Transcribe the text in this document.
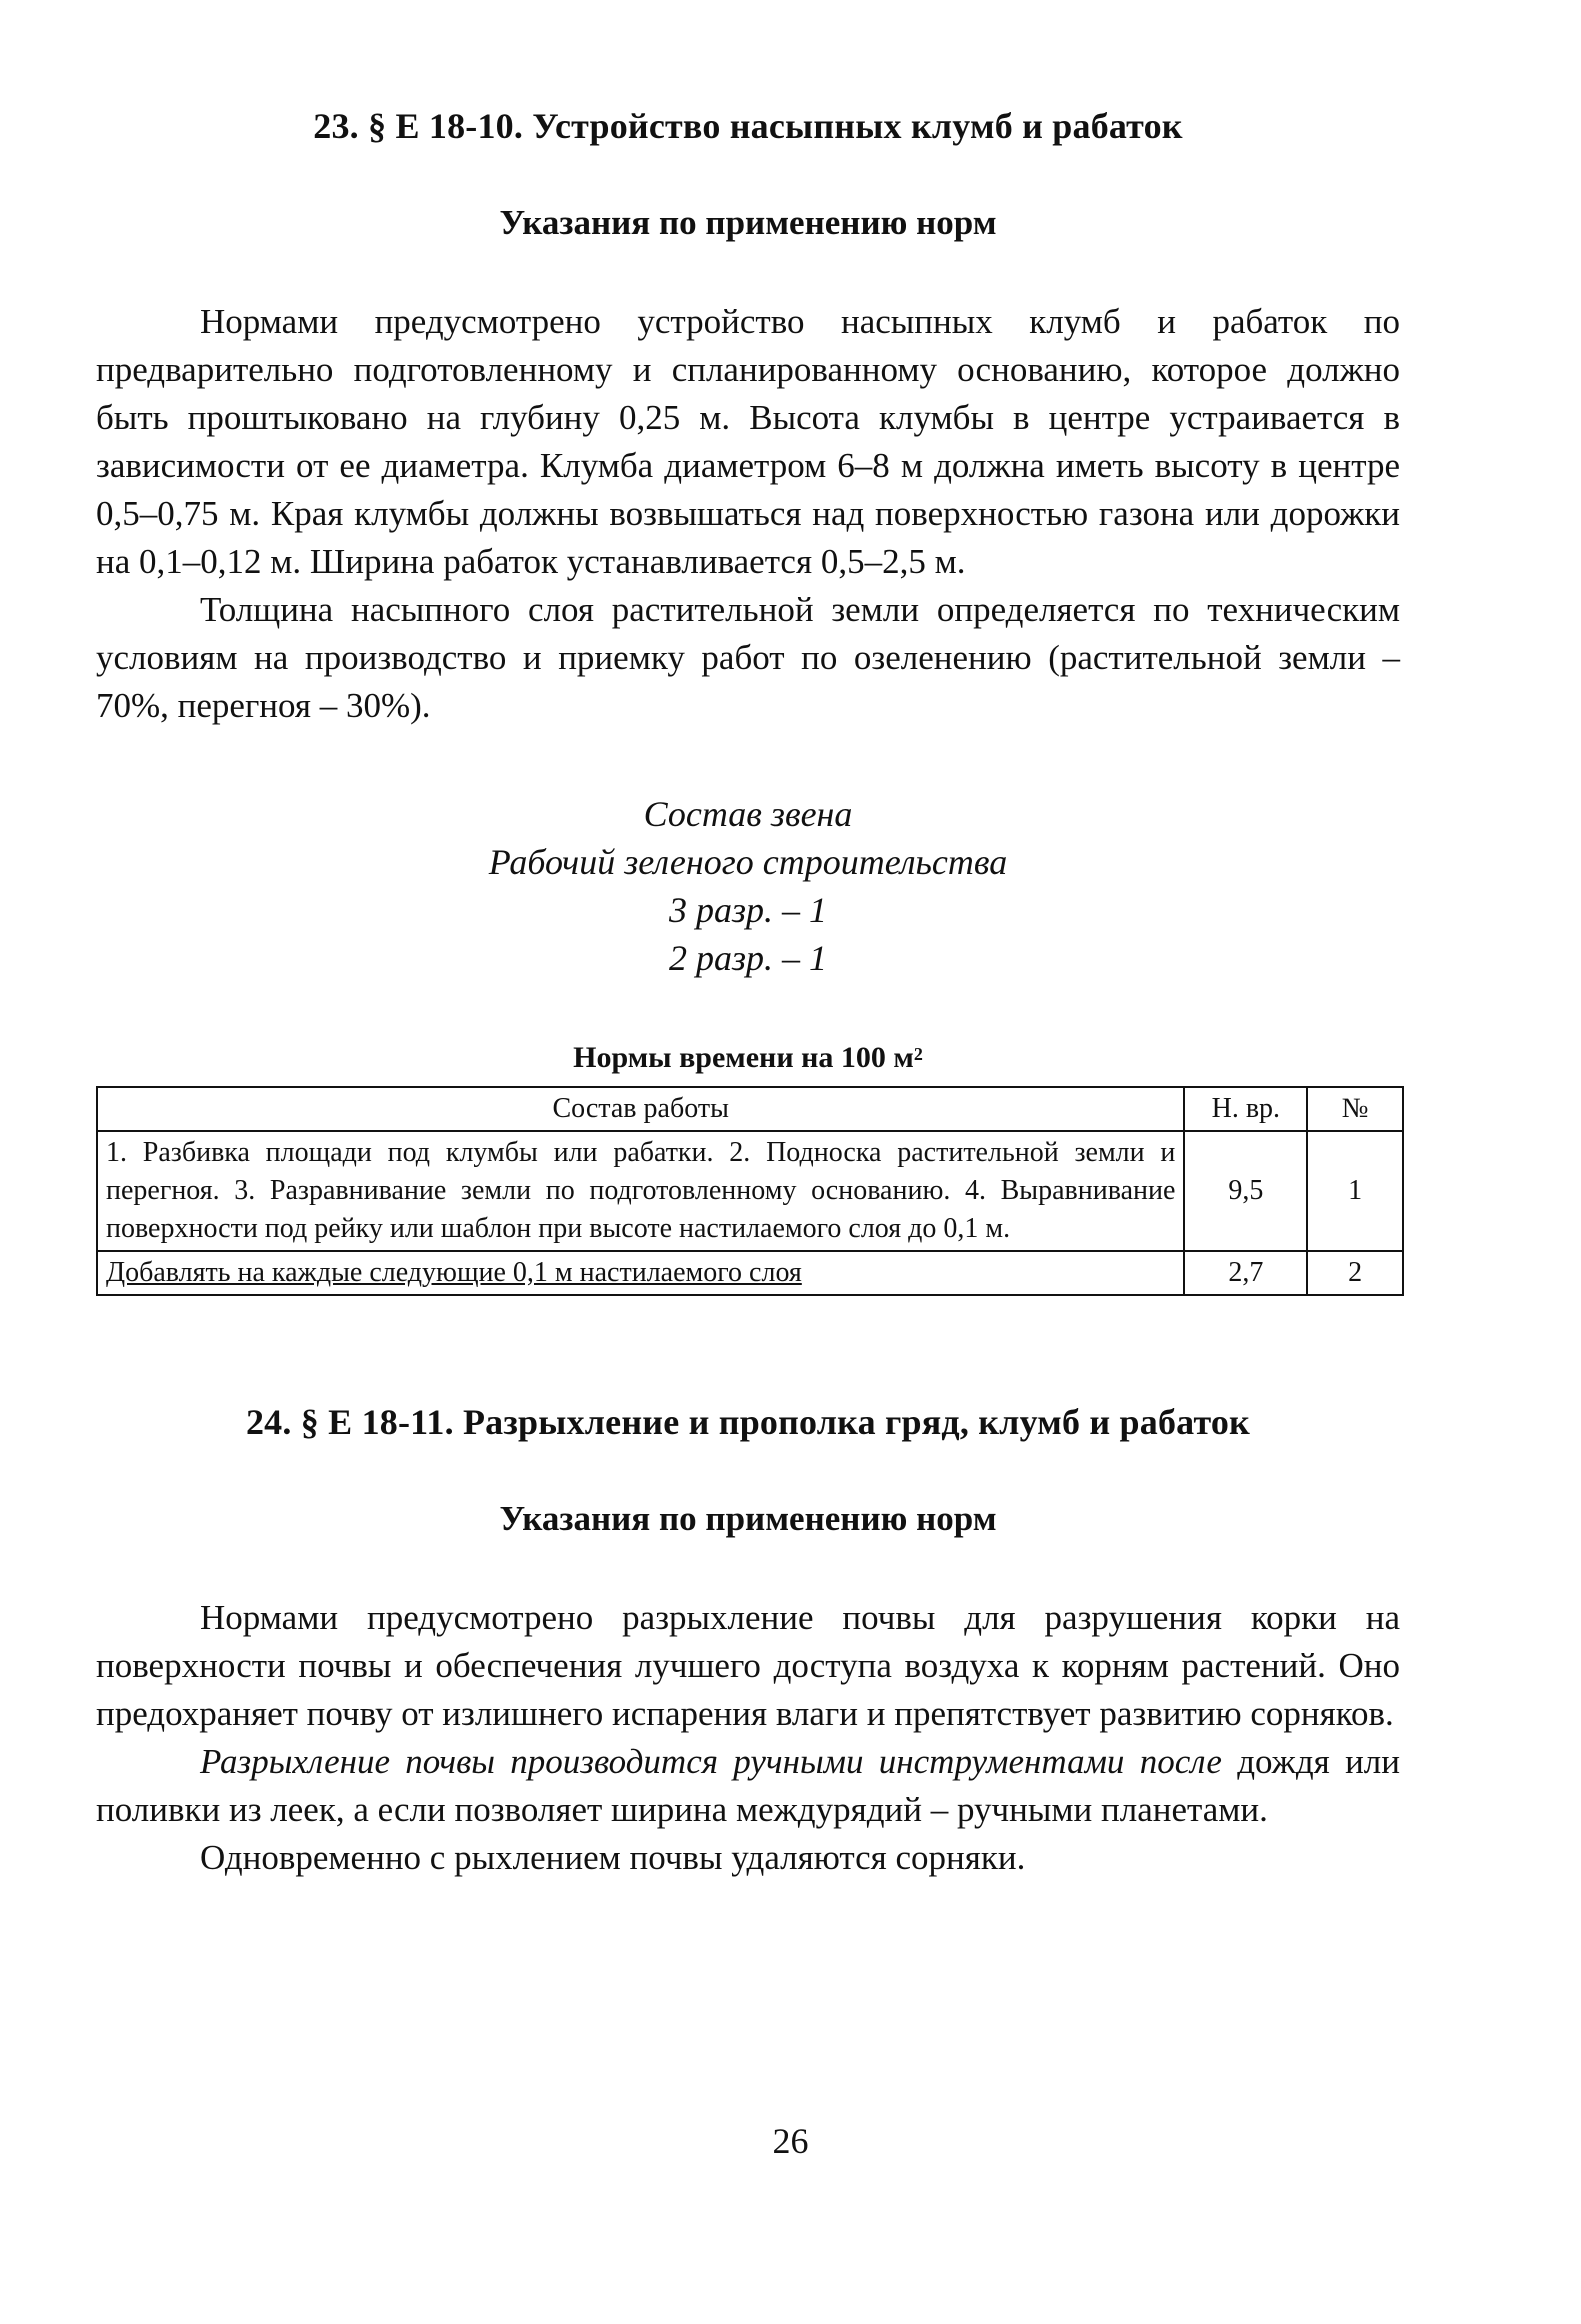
23. § Е 18-10. Устройство насыпных клумб и рабаток
Указания по применению норм

Нормами предусмотрено устройство насыпных клумб и рабаток по предварительно подготовленному и спланированному основанию, которое должно быть проштыковано на глубину 0,25 м. Высота клумбы в центре устраивается в зависимости от ее диаметра. Клумба диаметром 6–8 м должна иметь высоту в центре 0,5–0,75 м. Края клумбы должны возвышаться над поверхностью газона или дорожки на 0,1–0,12 м. Ширина рабаток устанавливается 0,5–2,5 м.

Толщина насыпного слоя растительной земли определяется по техническим условиям на производство и приемку работ по озеленению (растительной земли – 70%, перегноя – 30%).

Состав звена
Рабочий зеленого строительства
3 разр. – 1
2 разр. – 1
Нормы времени на 100 $м^2$
Состав работы	Н. вр.	№
1. Разбивка площади под клумбы или рабатки. 2. Подноска растительной земли и перегноя. 3. Разравнивание земли по подготовленному основанию. 4. Выравнивание поверхности под рейку или шаблон при высоте настилаемого слоя до 0,1 м.	9,5	1
Добавлять на каждые следующие 0,1 м настилаемого слоя	2,7	2
24. § Е 18-11. Разрыхление и прополка гряд, клумб и рабаток
Указания по применению норм

Нормами предусмотрено разрыхление почвы для разрушения корки на поверхности почвы и обеспечения лучшего доступа воздуха к корням растений. Оно предохраняет почву от излишнего испарения влаги и препятствует развитию сорняков.

Разрыхление почвы производится ручными инструментами после дождя или поливки из леек, а если позволяет ширина междурядий – ручными планетами.

Одновременно с рыхлением почвы удаляются сорняки.

26
